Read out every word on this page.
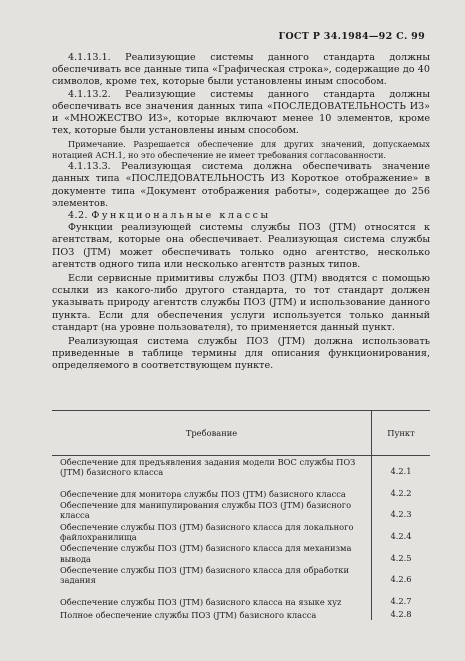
ГОСТ Р 34.1984—92 С. 99

4.1.13.1. Реализующие системы данного стандарта должны обеспечивать все данные типа «Графическая строка», содержащие до 40 символов, кроме тех, которые были установлены иным способом.

4.1.13.2. Реализующие системы данного стандарта должны обеспечивать все значения данных типа «ПОСЛЕДОВАТЕЛЬНОСТЬ ИЗ» и «МНОЖЕСТВО ИЗ», которые включают менее 10 элементов, кроме тех, которые были установлены иным способом.

Примечание. Разрешается обеспечение для других значений, допускаемых нотацией АСН.1, но это обеспечение не имеет требования согласованности.

4.1.13.3. Реализующая система должна обеспечивать значение данных типа «ПОСЛЕДОВАТЕЛЬНОСТЬ ИЗ Короткое отображение» в документе типа «Документ отображения работы», содержащее до 256 элементов.

4.2. Функциональные классы

Функции реализующей системы службы ПОЗ (JTM) относятся к агентствам, которые она обеспечивает. Реализующая система службы ПОЗ (JTM) может обеспечивать только одно агентство, несколько агентств одного типа или несколько агентств разных типов.

Если сервисные примитивы службы ПОЗ (JTM) вводятся с помощью ссылки из какого-либо другого стандарта, то тот стандарт должен указывать природу агентств службы ПОЗ (JTM) и использование данного пункта. Если для обеспечения услуги используется только данный стандарт (на уровне пользователя), то применяется данный пункт.

Реализующая система службы ПОЗ (JTM) должна использовать приведенные в таблице термины для описания функционирования, определяемого в соответствующем пункте.

Требование	Пункт
Обеспечение для предъявления задания модели ВОС службы ПОЗ (JTM) базисного класса	4.2.1
Обеспечение для монитора службы ПОЗ (JTM) базисного класса	4.2.2
Обеспечение для манипулирования службы ПОЗ (JTM) базисного класса	4.2.3
Обеспечение службы ПОЗ (JTM) базисного класса для локального файлохранилища	4.2.4
Обеспечение службы ПОЗ (JTM) базисного класса для механизма вывода	4.2.5
Обеспечение службы ПОЗ (JTM) базисного класса для обработки задания	4.2.6
Обеспечение службы ПОЗ (JTM) базисного класса на языке хуz	4.2.7
Полное обеспечение службы ПОЗ (JTM) базисного класса	4.2.8
